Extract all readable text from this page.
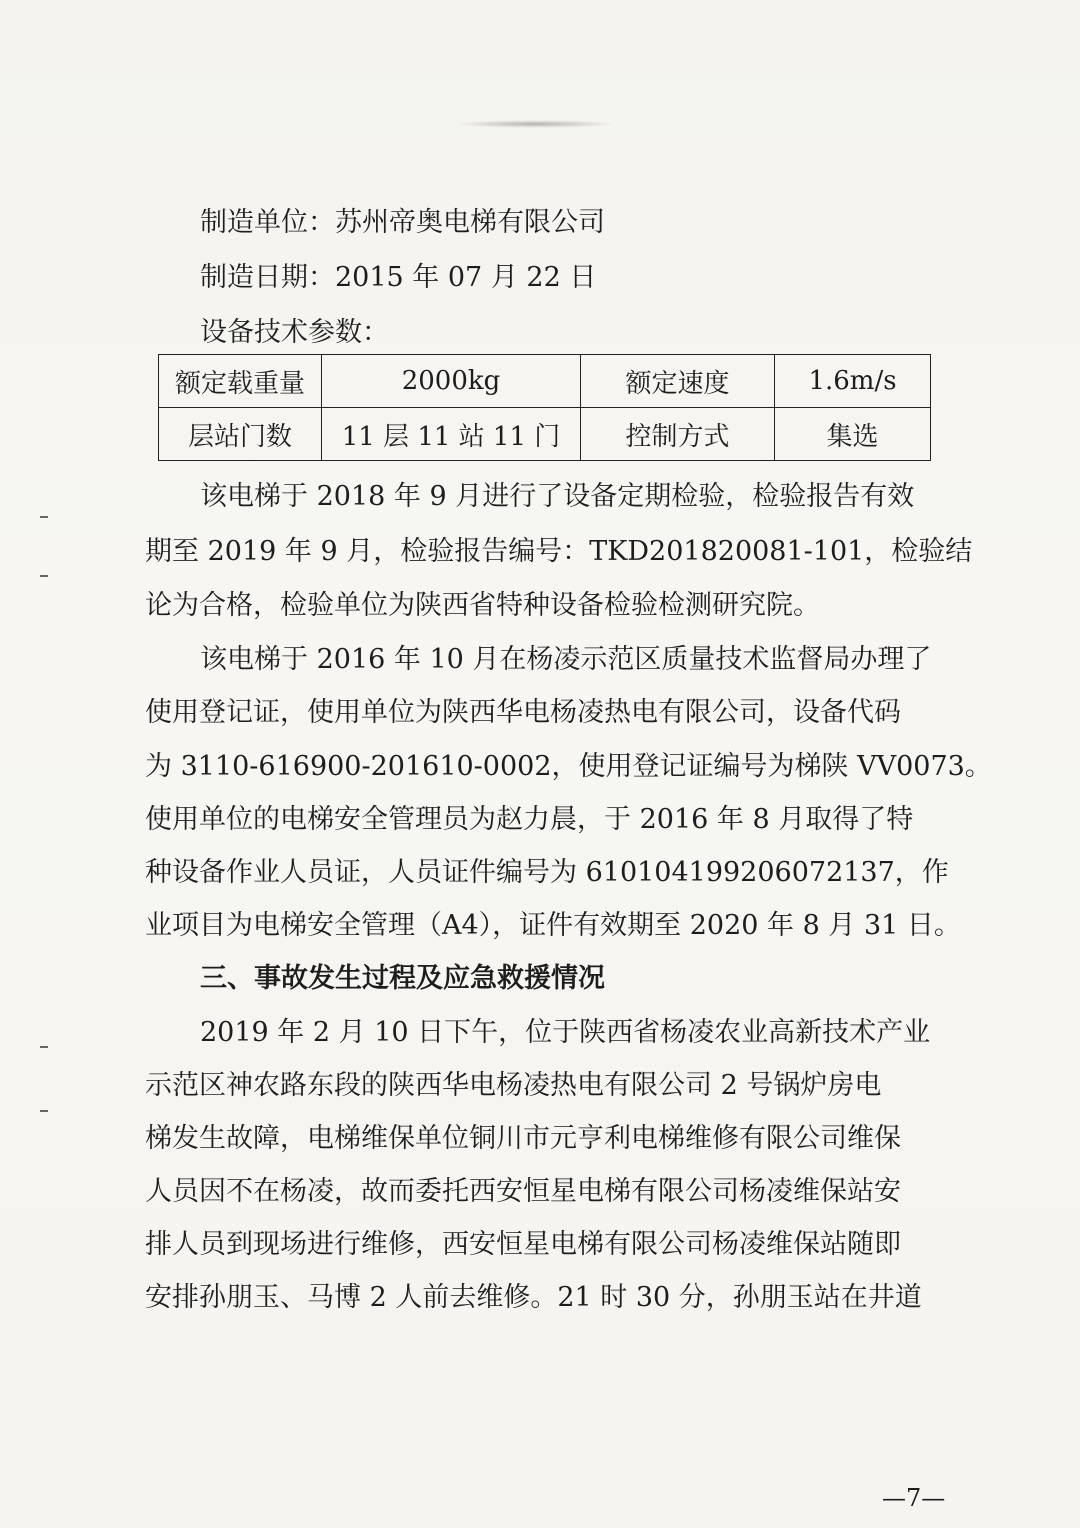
制造单位：苏州帝奥电梯有限公司
制造日期：2015 年 07 月 22 日
设备技术参数：
额定载重量	2000kg	额定速度	1.6m/s
层站门数	11 层 11 站 11 门	控制方式	集选
该电梯于 2018 年 9 月进行了设备定期检验，检验报告有效
期至 2019 年 9 月，检验报告编号：TKD201820081-101，检验结
论为合格，检验单位为陕西省特种设备检验检测研究院。
该电梯于 2016 年 10 月在杨凌示范区质量技术监督局办理了
使用登记证，使用单位为陕西华电杨凌热电有限公司，设备代码
为 3110-616900-201610-0002，使用登记证编号为梯陕 VV0073。
使用单位的电梯安全管理员为赵力晨，于 2016 年 8 月取得了特
种设备作业人员证，人员证件编号为 610104199206072137，作
业项目为电梯安全管理（A4），证件有效期至 2020 年 8 月 31 日。
三、事故发生过程及应急救援情况
2019 年 2 月 10 日下午，位于陕西省杨凌农业高新技术产业
示范区神农路东段的陕西华电杨凌热电有限公司 2 号锅炉房电
梯发生故障，电梯维保单位铜川市元亨利电梯维修有限公司维保
人员因不在杨凌，故而委托西安恒星电梯有限公司杨凌维保站安
排人员到现场进行维修，西安恒星电梯有限公司杨凌维保站随即
安排孙朋玉、马博 2 人前去维修。21 时 30 分，孙朋玉站在井道
—7—
